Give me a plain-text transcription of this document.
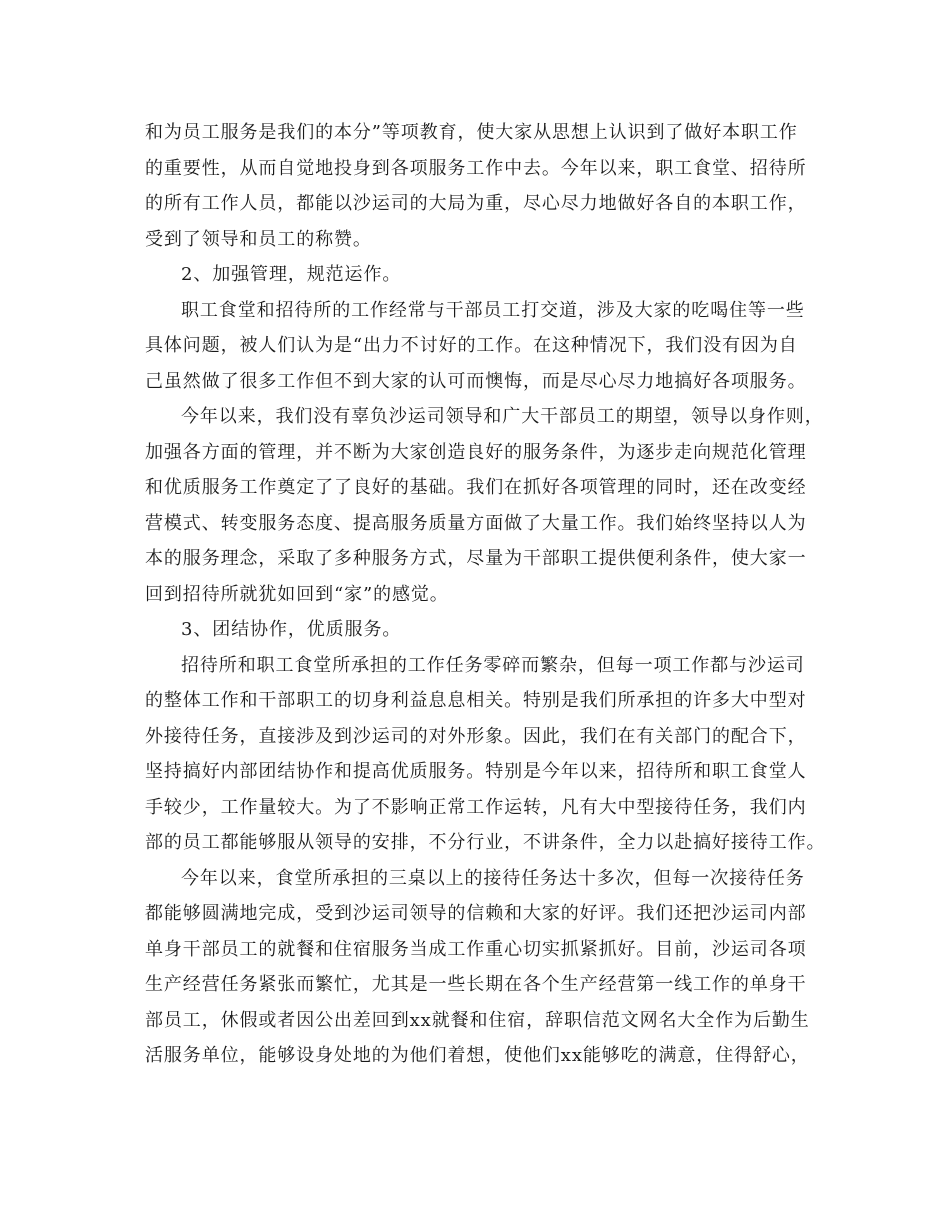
和为员工服务是我们的本分”等项教育，使大家从思想上认识到了做好本职工作
的重要性，从而自觉地投身到各项服务工作中去。今年以来，职工食堂、招待所
的所有工作人员，都能以沙运司的大局为重，尽心尽力地做好各自的本职工作，
受到了领导和员工的称赞。
2、加强管理，规范运作。
职工食堂和招待所的工作经常与干部员工打交道，涉及大家的吃喝住等一些
具体问题，被人们认为是“出力不讨好的工作。在这种情况下，我们没有因为自
己虽然做了很多工作但不到大家的认可而懊悔，而是尽心尽力地搞好各项服务。
今年以来，我们没有辜负沙运司领导和广大干部员工的期望，领导以身作则，
加强各方面的管理，并不断为大家创造良好的服务条件，为逐步走向规范化管理
和优质服务工作奠定了了良好的基础。我们在抓好各项管理的同时，还在改变经
营模式、转变服务态度、提高服务质量方面做了大量工作。我们始终坚持以人为
本的服务理念，采取了多种服务方式，尽量为干部职工提供便利条件，使大家一
回到招待所就犹如回到“家”的感觉。
3、团结协作，优质服务。
招待所和职工食堂所承担的工作任务零碎而繁杂，但每一项工作都与沙运司
的整体工作和干部职工的切身利益息息相关。特别是我们所承担的许多大中型对
外接待任务，直接涉及到沙运司的对外形象。因此，我们在有关部门的配合下，
坚持搞好内部团结协作和提高优质服务。特别是今年以来，招待所和职工食堂人
手较少，工作量较大。为了不影响正常工作运转，凡有大中型接待任务，我们内
部的员工都能够服从领导的安排，不分行业，不讲条件，全力以赴搞好接待工作。
今年以来，食堂所承担的三桌以上的接待任务达十多次，但每一次接待任务
都能够圆满地完成，受到沙运司领导的信赖和大家的好评。我们还把沙运司内部
单身干部员工的就餐和住宿服务当成工作重心切实抓紧抓好。目前，沙运司各项
生产经营任务紧张而繁忙，尤其是一些长期在各个生产经营第一线工作的单身干
部员工，休假或者因公出差回到xx就餐和住宿，辞职信范文网名大全作为后勤生
活服务单位，能够设身处地的为他们着想，使他们xx能够吃的满意，住得舒心，
